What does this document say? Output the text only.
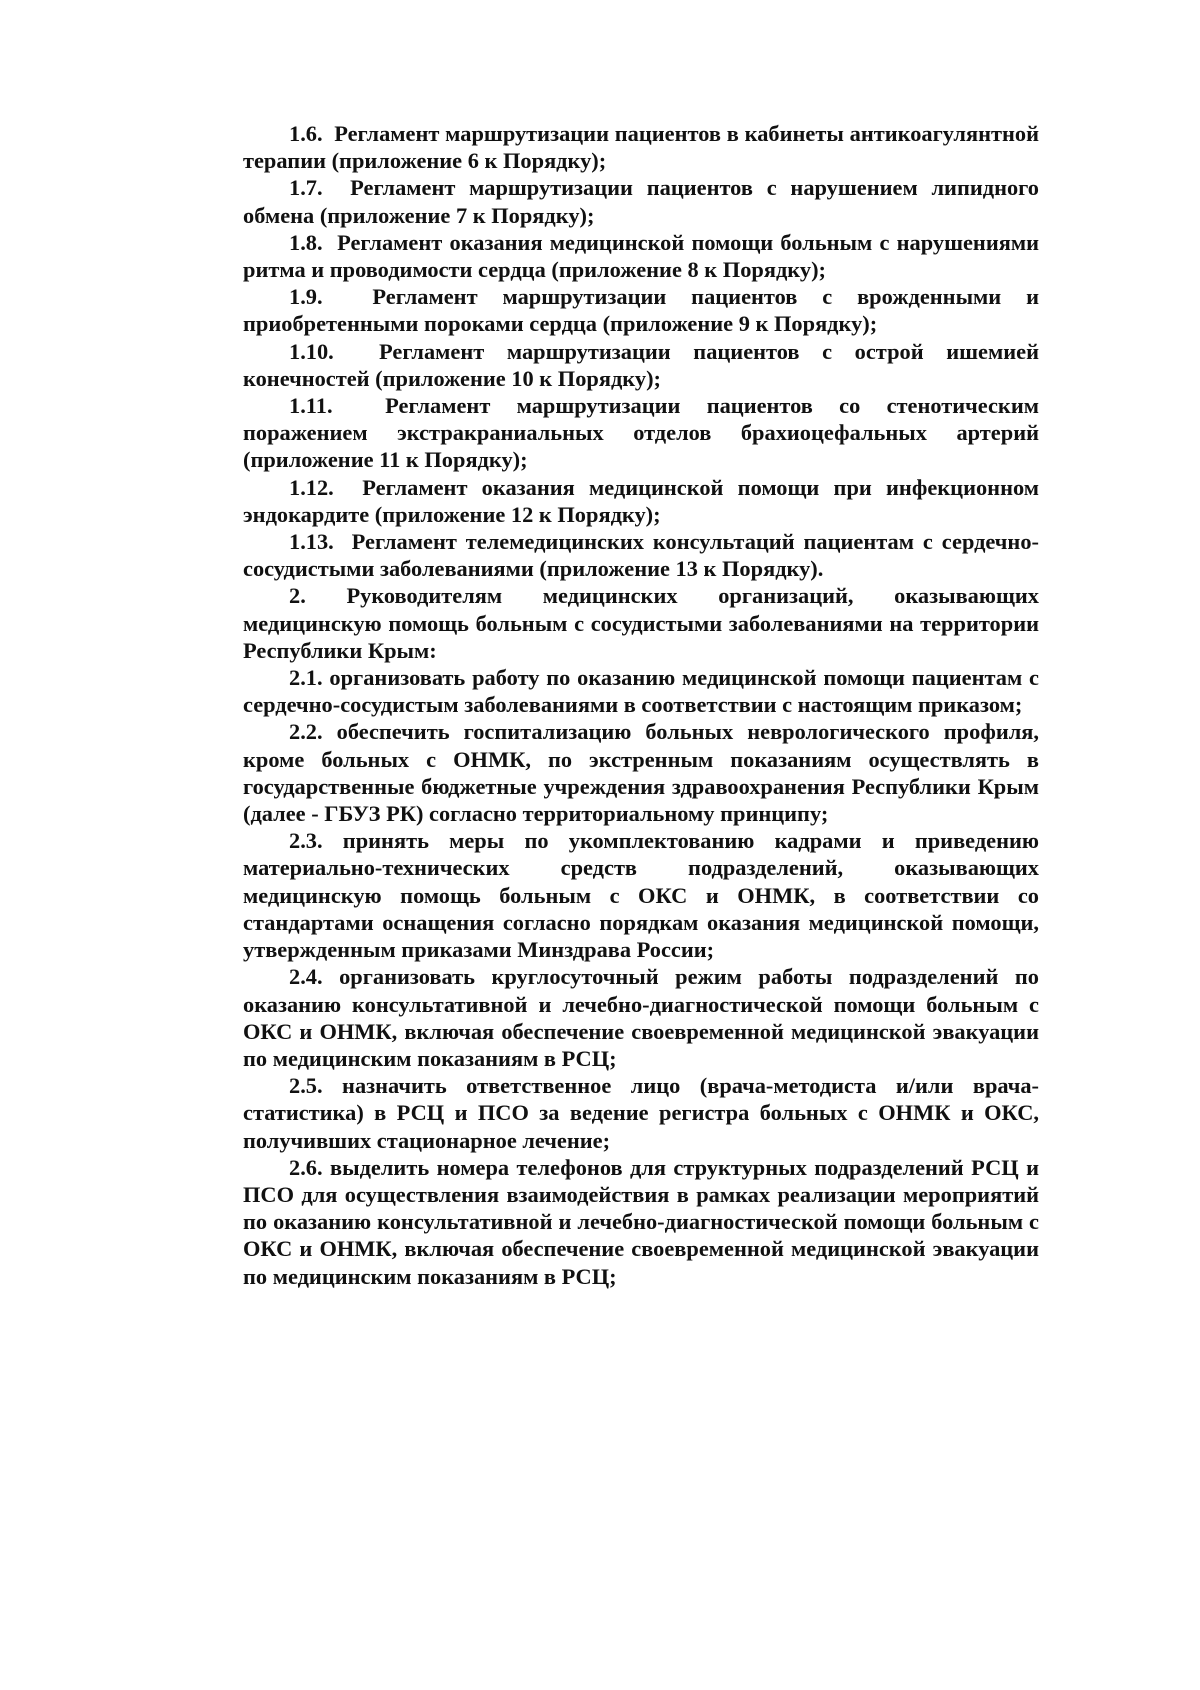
1.6.  Регламент маршрутизации пациентов в кабинеты антикоагулянтной терапии (приложение 6 к Порядку);

1.7.  Регламент маршрутизации пациентов с нарушением липидного обмена (приложение 7 к Порядку);

1.8.  Регламент оказания медицинской помощи больным с нарушениями ритма и проводимости сердца (приложение 8 к Порядку);

1.9.  Регламент маршрутизации пациентов с врожденными и приобретенными пороками сердца (приложение 9 к Порядку);

1.10.  Регламент маршрутизации пациентов с острой ишемией конечностей (приложение 10 к Порядку);

1.11.  Регламент маршрутизации пациентов со стенотическим поражением экстракраниальных отделов брахиоцефальных артерий (приложение 11 к Порядку);

1.12.  Регламент оказания медицинской помощи при инфекционном эндокардите (приложение 12 к Порядку);

1.13.  Регламент телемедицинских консультаций пациентам с сердечно-сосудистыми заболеваниями (приложение 13 к Порядку).

2. Руководителям медицинских организаций, оказывающих медицинскую помощь больным с сосудистыми заболеваниями на территории Республики Крым:

2.1. организовать работу по оказанию медицинской помощи пациентам с сердечно-сосудистым заболеваниями в соответствии с настоящим приказом;

2.2. обеспечить госпитализацию больных неврологического профиля, кроме больных с ОНМК, по экстренным показаниям осуществлять в государственные бюджетные учреждения здравоохранения Республики Крым (далее - ГБУЗ РК) согласно территориальному принципу;

2.3. принять меры по укомплектованию кадрами и приведению материально-технических средств подразделений, оказывающих медицинскую помощь больным с ОКС и ОНМК, в соответствии со стандартами оснащения согласно порядкам оказания медицинской помощи, утвержденным приказами Минздрава России;

2.4. организовать круглосуточный режим работы подразделений по оказанию консультативной и лечебно-диагностической помощи больным с ОКС и ОНМК, включая обеспечение своевременной медицинской эвакуации по медицинским показаниям в РСЦ;

2.5. назначить ответственное лицо (врача-методиста и/или врача-статистика) в РСЦ и ПСО за ведение регистра больных с ОНМК и ОКС, получивших стационарное лечение;

2.6. выделить номера телефонов для структурных подразделений РСЦ и ПСО для осуществления взаимодействия в рамках реализации мероприятий по оказанию консультативной и лечебно-диагностической помощи больным с ОКС и ОНМК, включая обеспечение своевременной медицинской эвакуации по медицинским показаниям в РСЦ;
